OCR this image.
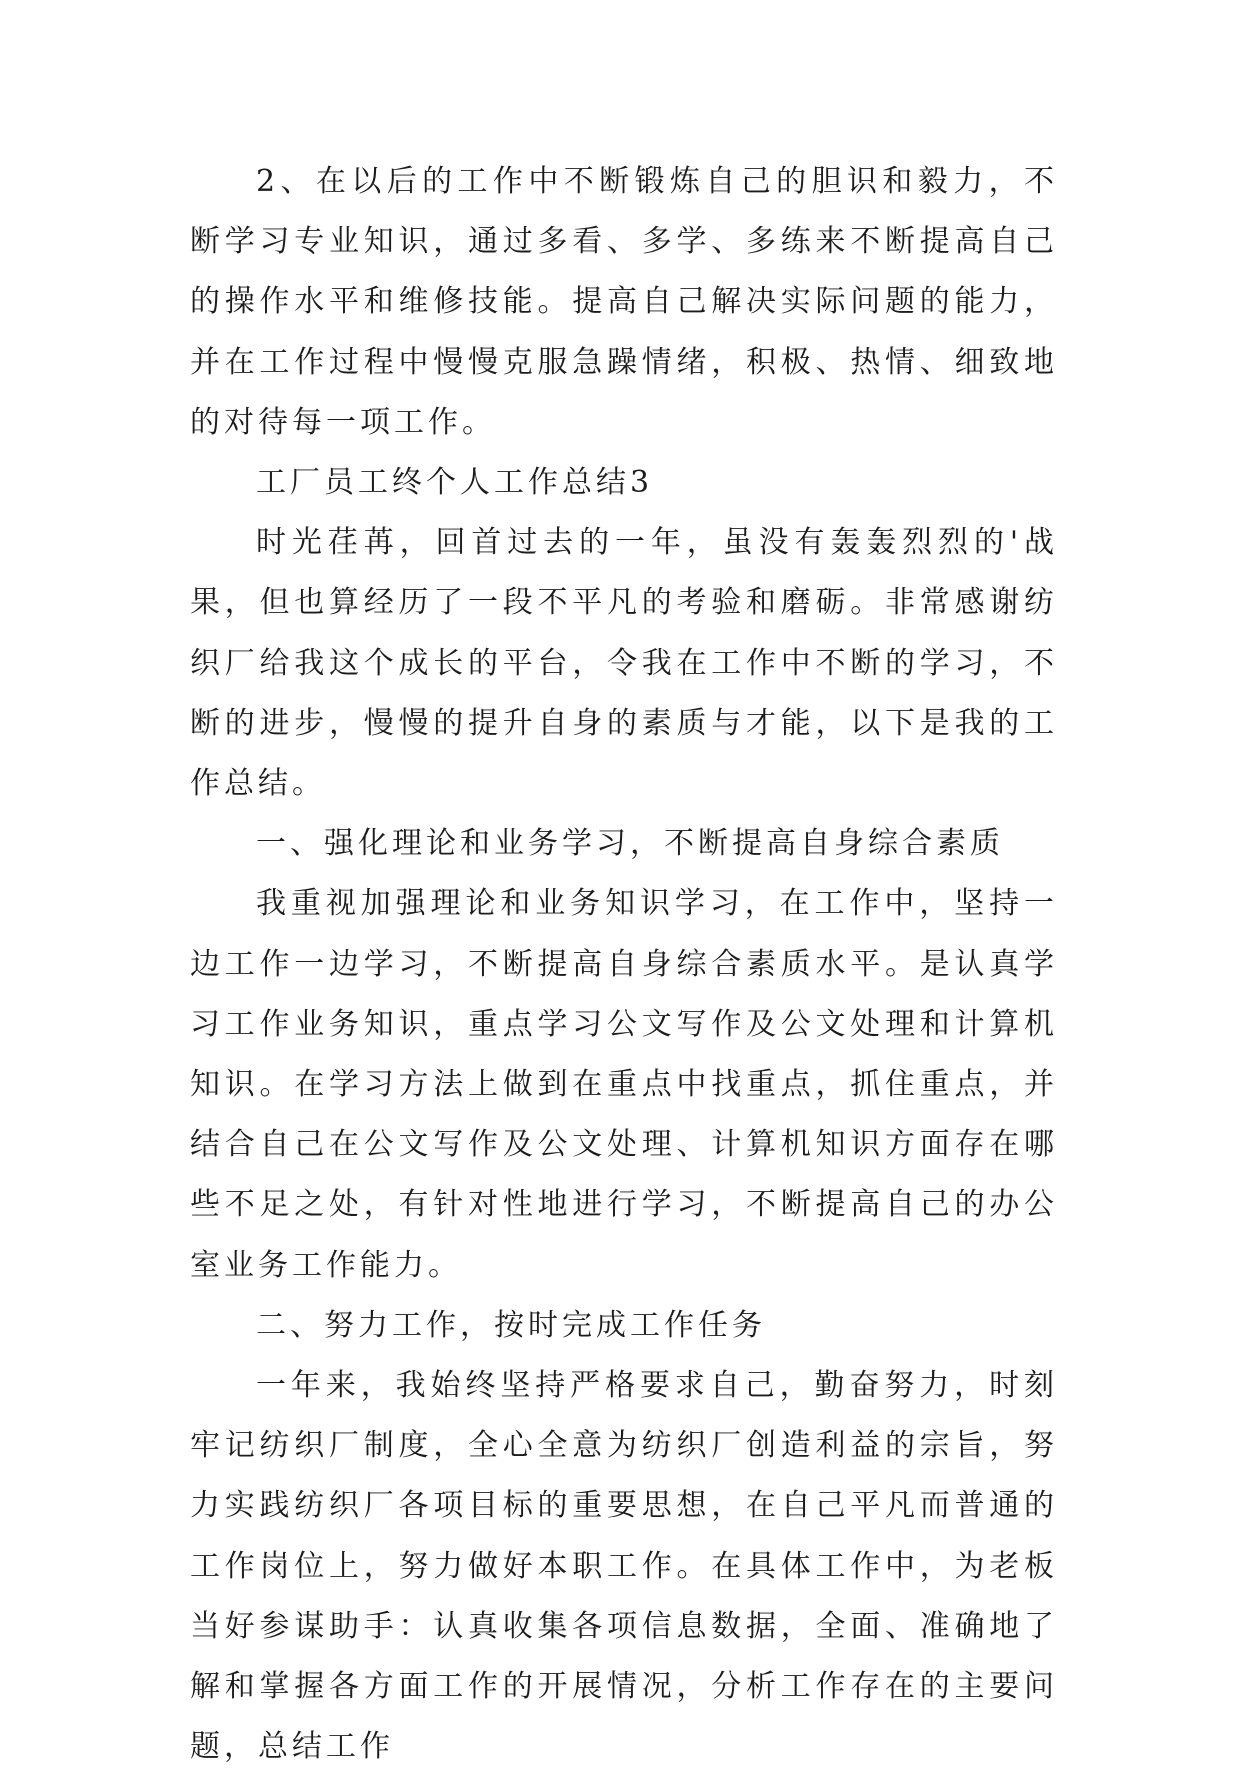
2、在以后的工作中不断锻炼自己的胆识和毅力，不断学习专业知识，通过多看、多学、多练来不断提高自己的操作水平和维修技能。提高自己解决实际问题的能力，并在工作过程中慢慢克服急躁情绪，积极、热情、细致地的对待每一项工作。

工厂员工终个人工作总结3

时光荏苒，回首过去的一年，虽没有轰轰烈烈的'战果，但也算经历了一段不平凡的考验和磨砺。非常感谢纺织厂给我这个成长的平台，令我在工作中不断的学习，不断的进步，慢慢的提升自身的素质与才能，以下是我的工作总结。

一、强化理论和业务学习，不断提高自身综合素质

我重视加强理论和业务知识学习，在工作中，坚持一边工作一边学习，不断提高自身综合素质水平。是认真学习工作业务知识，重点学习公文写作及公文处理和计算机知识。在学习方法上做到在重点中找重点，抓住重点，并结合自己在公文写作及公文处理、计算机知识方面存在哪些不足之处，有针对性地进行学习，不断提高自己的办公室业务工作能力。

二、努力工作，按时完成工作任务

一年来，我始终坚持严格要求自己，勤奋努力，时刻牢记纺织厂制度，全心全意为纺织厂创造利益的宗旨，努力实践纺织厂各项目标的重要思想，在自己平凡而普通的工作岗位上，努力做好本职工作。在具体工作中，为老板当好参谋助手：认真收集各项信息数据，全面、准确地了解和掌握各方面工作的开展情况，分析工作存在的主要问题，总结工作
